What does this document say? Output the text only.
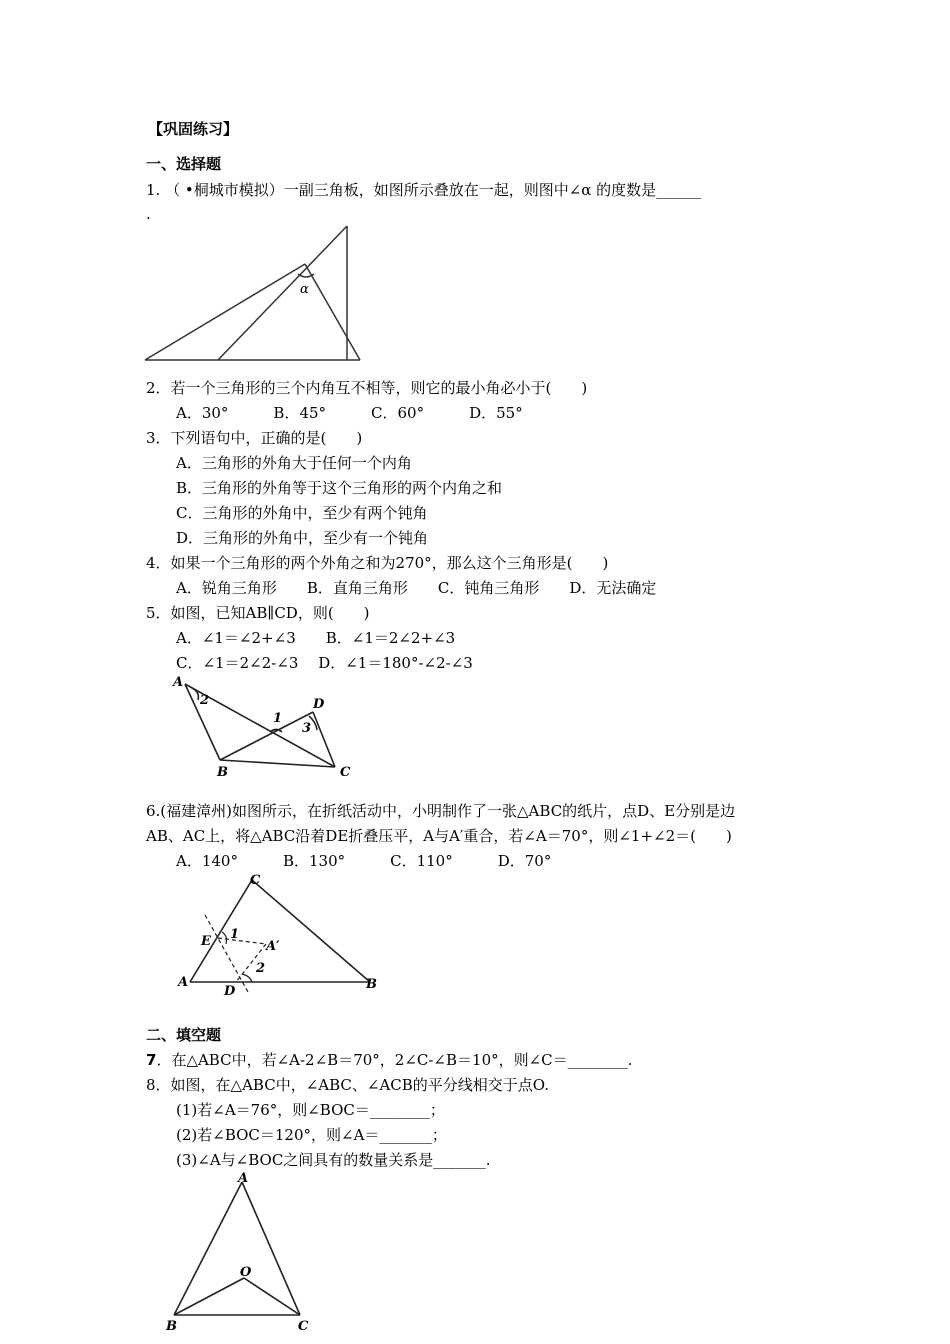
【巩固练习】
一、选择题
1. （ •桐城市模拟）一副三角板，如图所示叠放在一起，则图中∠α 的度数是______
.
α
2．若一个三角形的三个内角互不相等，则它的最小角必小于(　　)
A．30°　　　B．45°　　　C．60°　　　D．55°
3．下列语句中，正确的是(　　)
A．三角形的外角大于任何一个内角
B．三角形的外角等于这个三角形的两个内角之和
C．三角形的外角中，至少有两个钝角
D．三角形的外角中，至少有一个钝角
4．如果一个三角形的两个外角之和为270°，那么这个三角形是(　　)
A．锐角三角形　　B．直角三角形　　C．钝角三角形　　D．无法确定
5．如图，已知AB∥CD，则(　　)
A．∠1＝∠2+∠3　　B．∠1＝2∠2+∠3
C．∠1＝2∠2-∠3　 D．∠1＝180°-∠2-∠3
A
B	C
D
2
1
3
6.(福建漳州)如图所示，在折纸活动中，小明制作了一张△ABC的纸片，点D、E分别是边
AB、AC上，将△ABC沿着DE折叠压平，A与A′重合，若∠A＝70°，则∠1+∠2＝(　　)
A．140°　　　B．130°　　　C．110°　　　D．70°
A	B
C
D
E	A′
1
2
二、填空题
7．在△ABC中，若∠A-2∠B＝70°，2∠C-∠B＝10°，则∠C＝________.
8．如图，在△ABC中，∠ABC、∠ACB的平分线相交于点O.
(1)若∠A＝76°，则∠BOC＝________；
(2)若∠BOC＝120°，则∠A＝_______；
(3)∠A与∠BOC之间具有的数量关系是_______.
A
B	C
O
